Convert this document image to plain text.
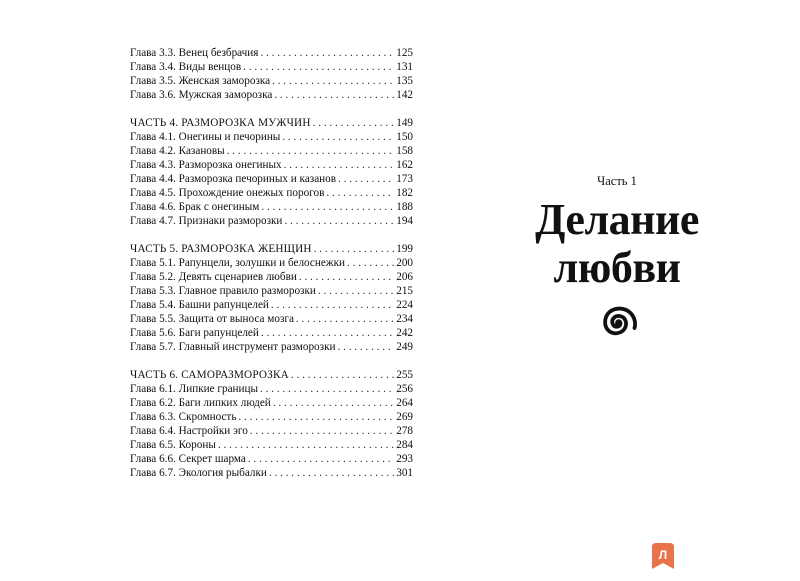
Глава 3.3. Венец безбрачия . . .	125
Глава 3.4. Виды венцов . . .	131
Глава 3.5. Женская заморозка . . .	135
Глава 3.6. Мужская заморозка . . .	142
ЧАСТЬ 4. РАЗМОРОЗКА МУЖЧИН . . .	149
Глава 4.1. Онегины и печорины . . .	150
Глава 4.2. Казановы . . .	158
Глава 4.3. Разморозка онегиных . . .	162
Глава 4.4. Разморозка печориных и казанов . . .	173
Глава 4.5. Прохождение онежых порогов . . .	182
Глава 4.6. Брак с онегиным . . .	188
Глава 4.7. Признаки разморозки . . .	194
ЧАСТЬ 5. РАЗМОРОЗКА ЖЕНЩИН . . .	199
Глава 5.1. Рапунцели, золушки и белоснежки . . .	200
Глава 5.2. Девять сценариев любви . . .	206
Глава 5.3. Главное правило разморозки . . .	215
Глава 5.4. Башни рапунцелей . . .	224
Глава 5.5. Защита от выноса мозга . . .	234
Глава 5.6. Баги рапунцелей . . .	242
Глава 5.7. Главный инструмент разморозки . . .	249
ЧАСТЬ 6. САМОРАЗМОРОЗКА . . .	255
Глава 6.1. Липкие границы . . .	256
Глава 6.2. Баги липких людей . . .	264
Глава 6.3. Скромность . . .	269
Глава 6.4. Настройки эго . . .	278
Глава 6.5. Короны . . .	284
Глава 6.6. Секрет шарма . . .	293
Глава 6.7. Экология рыбалки . . .	301
Часть 1
Делание
любви
Л
